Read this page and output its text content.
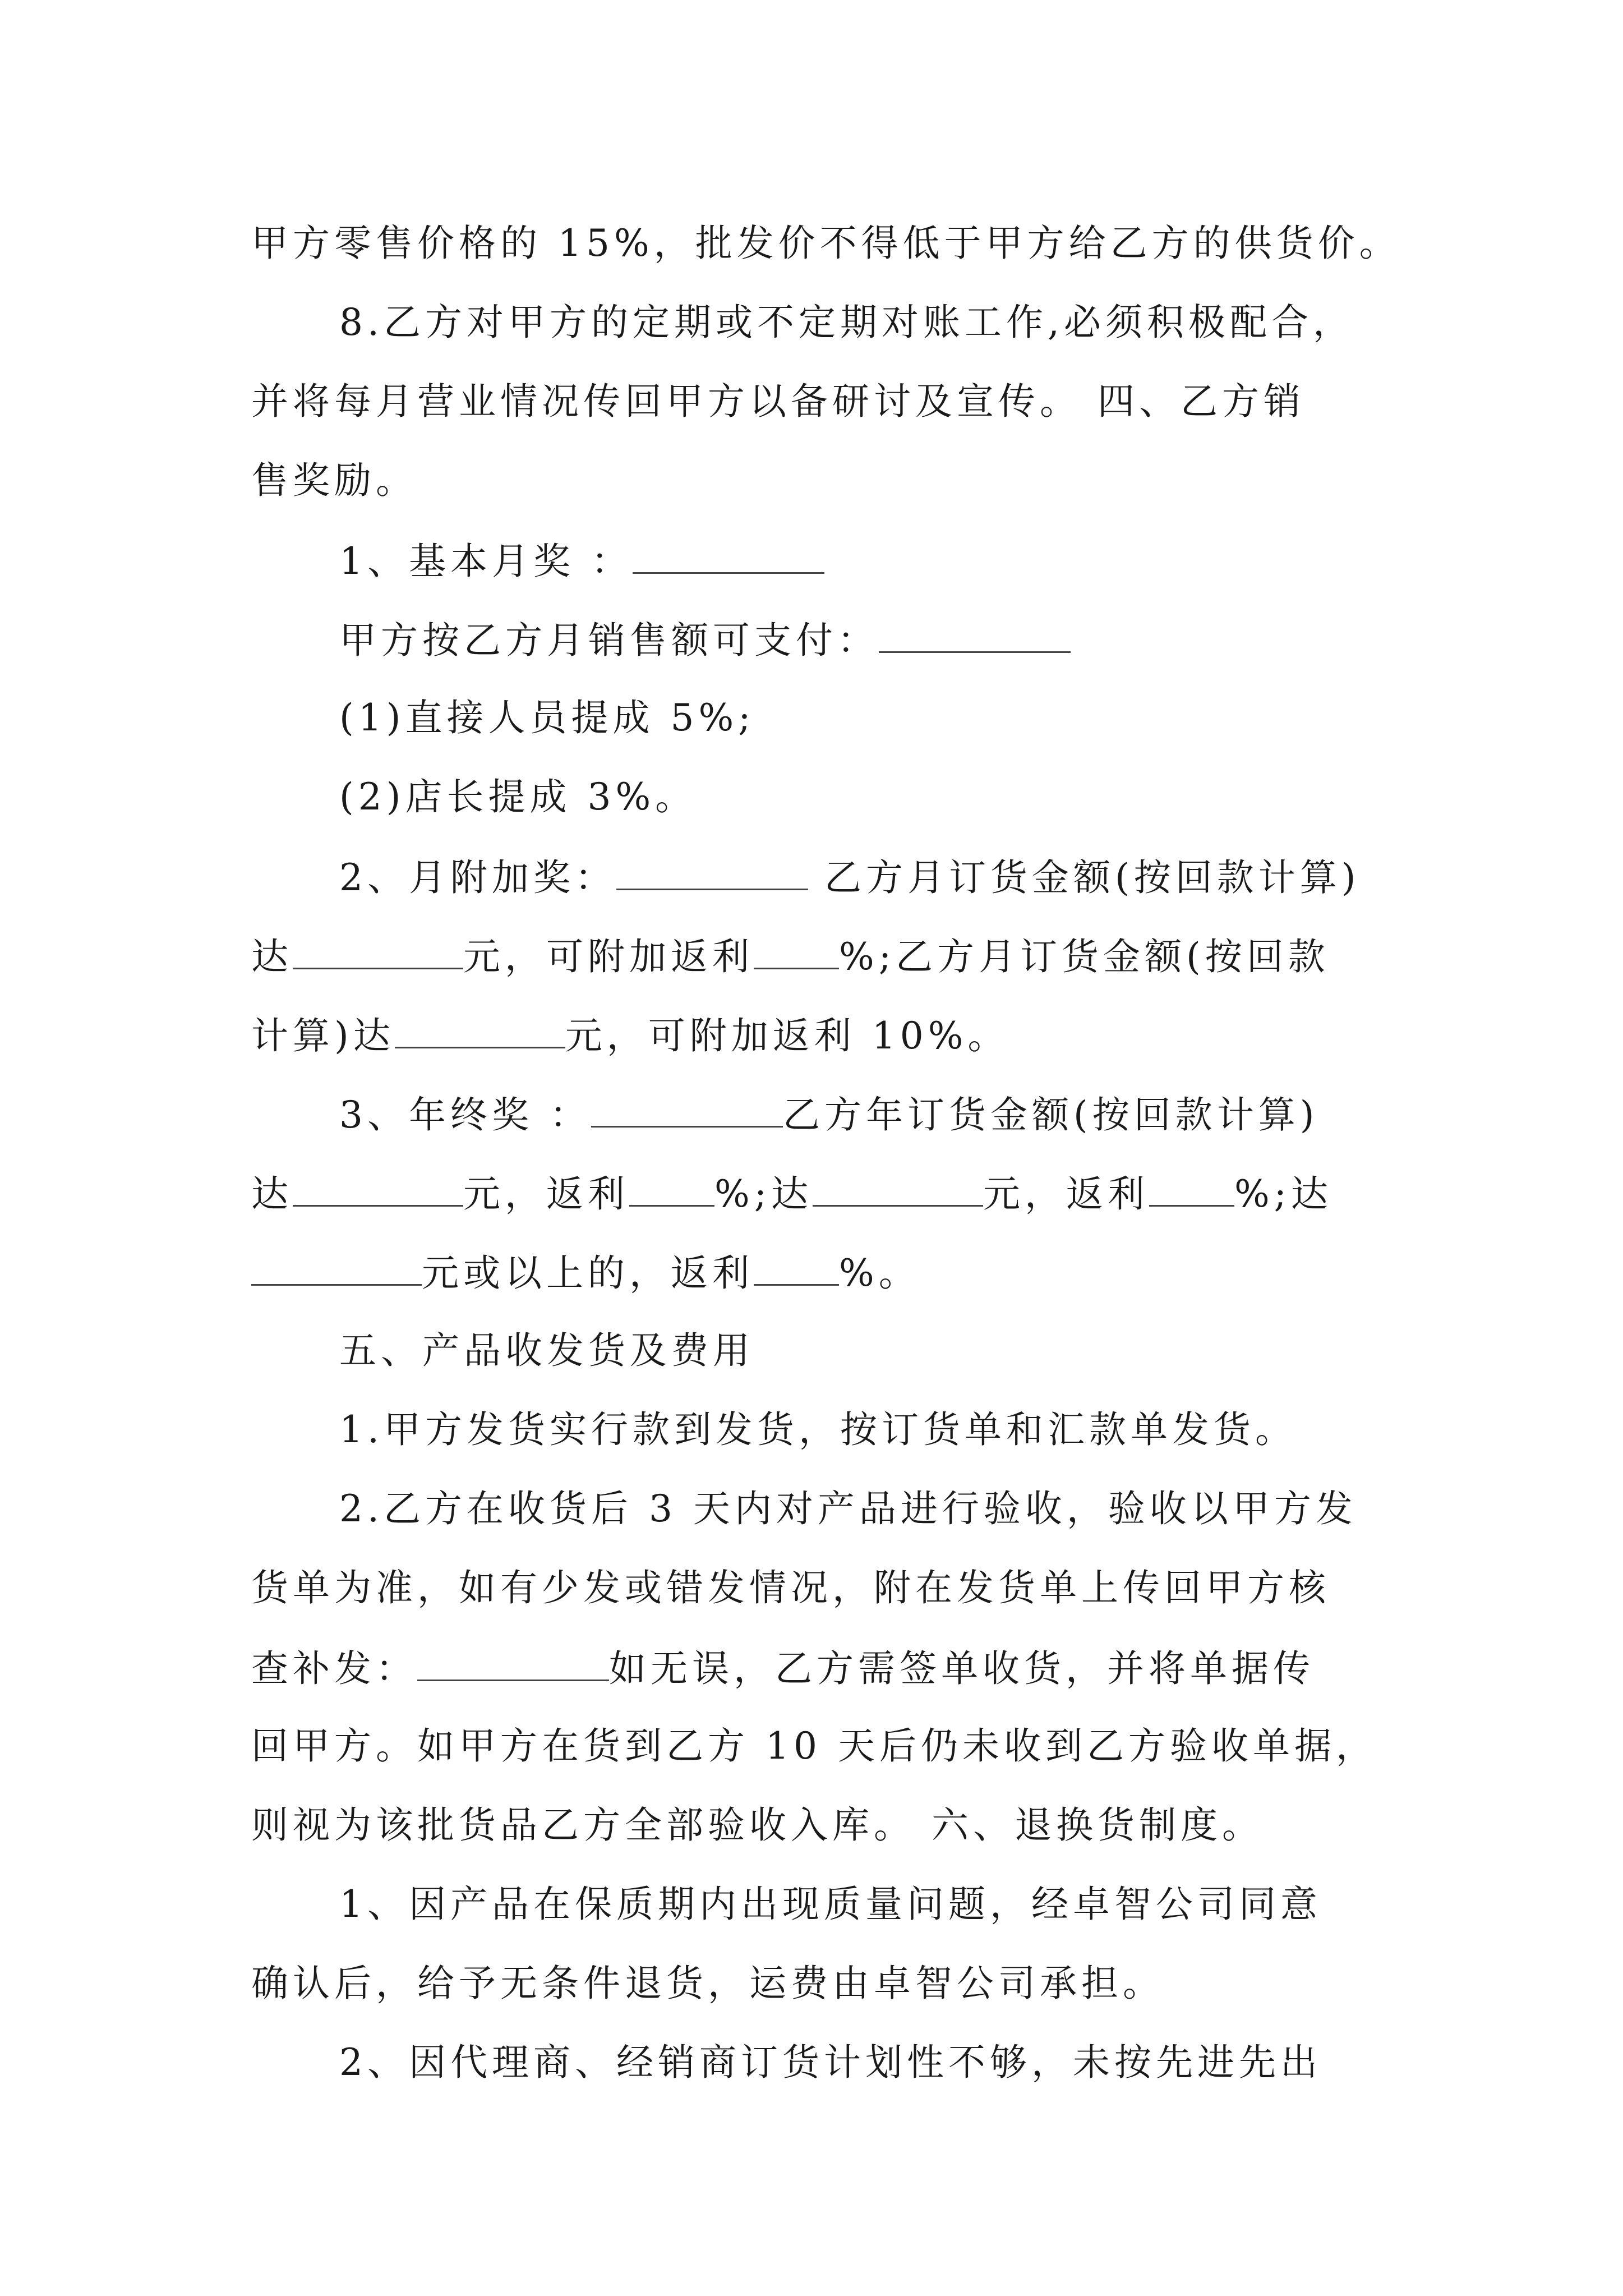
甲方零售价格的 15%，批发价不得低于甲方给乙方的供货价。
8.乙方对甲方的定期或不定期对账工作,必须积极配合，
并将每月营业情况传回甲方以备研讨及宣传。 四、乙方销
售奖励。
1、基本月奖 ：
甲方按乙方月销售额可支付：
(1)直接人员提成 5%;
(2)店长提成 3%。
2、月附加奖：	乙方月订货金额(按回款计算)
达	元，可附加返利 %;乙方月订货金额(按回款
计算)达	元，可附加返利 10%。
3、年终奖 ：	乙方年订货金额(按回款计算)
达	元，返利 %;达	元，返利 %;达
元或以上的，返利 %。
五、产品收发货及费用
1.甲方发货实行款到发货，按订货单和汇款单发货。
2.乙方在收货后 3 天内对产品进行验收，验收以甲方发
货单为准，如有少发或错发情况，附在发货单上传回甲方核
查补发：	如无误，乙方需签单收货，并将单据传
回甲方。如甲方在货到乙方 10 天后仍未收到乙方验收单据，
则视为该批货品乙方全部验收入库。 六、退换货制度。
1、因产品在保质期内出现质量问题，经卓智公司同意
确认后，给予无条件退货，运费由卓智公司承担。
2、因代理商、经销商订货计划性不够，未按先进先出
